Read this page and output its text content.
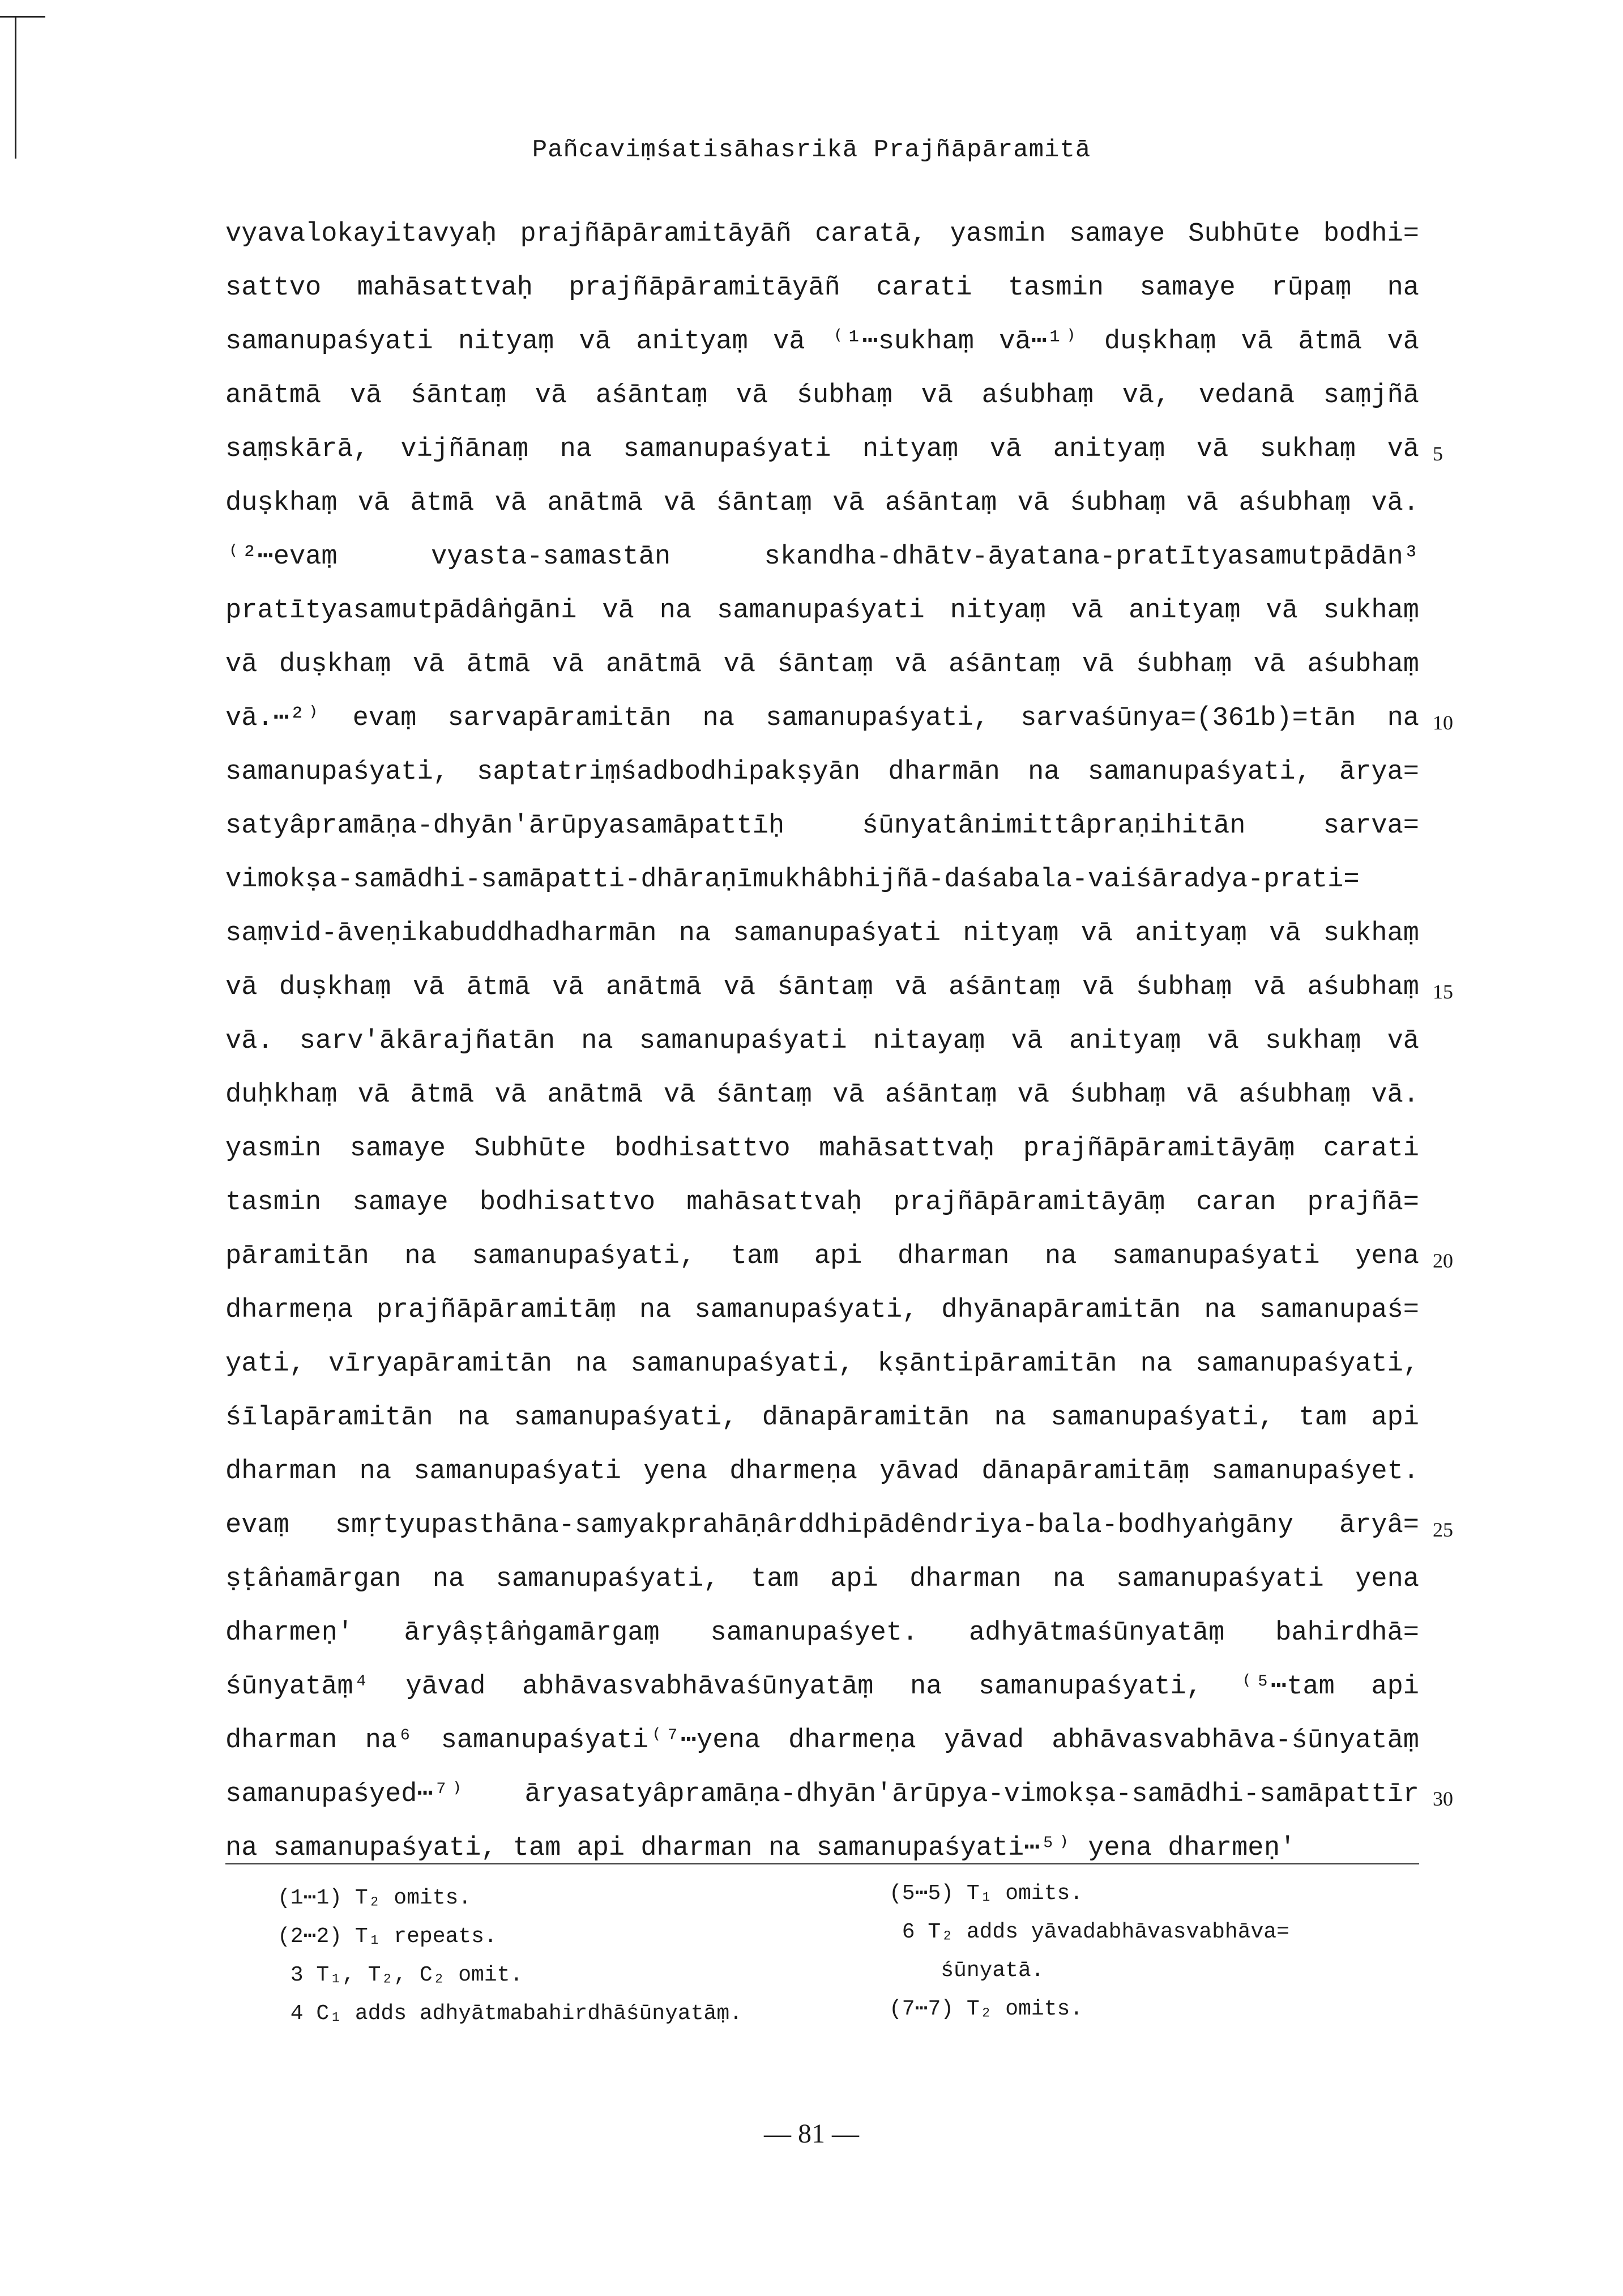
Pañcaviṃśatisāhasrikā Prajñāpāramitā
vyavalokayitavyaḥ prajñāpāramitāyāñ caratā, yasmin samaye Subhūte bodhi=
sattvo mahāsattvaḥ prajñāpāramitāyāñ carati tasmin samaye rūpaṃ na
samanupaśyati nityaṃ vā anityaṃ vā ⁽¹⋯sukhaṃ vā⋯¹⁾ duṣkhaṃ vā ātmā vā
anātmā vā śāntaṃ vā aśāntaṃ vā śubhaṃ vā aśubhaṃ vā, vedanā saṃjñā
saṃskārā, vijñānaṃ na samanupaśyati nityaṃ vā anityaṃ vā sukhaṃ vā 5
duṣkhaṃ vā ātmā vā anātmā vā śāntaṃ vā aśāntaṃ vā śubhaṃ vā aśubhaṃ vā.
⁽²⋯evaṃ vyasta-samastān skandha-dhātv-āyatana-pratītyasamutpādān³
pratītyasamutpādâṅgāni vā na samanupaśyati nityaṃ vā anityaṃ vā sukhaṃ
vā duṣkhaṃ vā ātmā vā anātmā vā śāntaṃ vā aśāntaṃ vā śubhaṃ vā aśubhaṃ
vā.⋯²⁾ evaṃ sarvapāramitān na samanupaśyati, sarvaśūnya=(361b)=tān na 10
samanupaśyati, saptatriṃśadbodhipakṣyān dharmān na samanupaśyati, ārya=
satyâpramāṇa-dhyān'ārūpyasamāpattīḥ śūnyatânimittâpraṇihitān sarva=
vimokṣa-samādhi-samāpatti-dhāraṇīmukhâbhijñā-daśabala-vaiśāradya-prati=
saṃvid-āveṇikabuddhadharmān na samanupaśyati nityaṃ vā anityaṃ vā sukhaṃ
vā duṣkhaṃ vā ātmā vā anātmā vā śāntaṃ vā aśāntaṃ vā śubhaṃ vā aśubhaṃ 15
vā. sarv'ākārajñatān na samanupaśyati nitayaṃ vā anityaṃ vā sukhaṃ vā
duḥkhaṃ vā ātmā vā anātmā vā śāntaṃ vā aśāntaṃ vā śubhaṃ vā aśubhaṃ vā.
yasmin samaye Subhūte bodhisattvo mahāsattvaḥ prajñāpāramitāyāṃ carati
tasmin samaye bodhisattvo mahāsattvaḥ prajñāpāramitāyāṃ caran prajñā=
pāramitān na samanupaśyati, tam api dharman na samanupaśyati yena 20
dharmeṇa prajñāpāramitāṃ na samanupaśyati, dhyānapāramitān na samanupaś=
yati, vīryapāramitān na samanupaśyati, kṣāntipāramitān na samanupaśyati,
śīlapāramitān na samanupaśyati, dānapāramitān na samanupaśyati, tam api
dharman na samanupaśyati yena dharmeṇa yāvad dānapāramitāṃ samanupaśyet.
evaṃ smṛtyupasthāna-samyakprahāṇârddhipādêndriya-bala-bodhyaṅgāny āryâ= 25
ṣṭâṅamārgan na samanupaśyati, tam api dharman na samanupaśyati yena
dharmeṇ' āryâṣṭâṅgamārgaṃ samanupaśyet. adhyātmaśūnyatāṃ bahirdhā=
śūnyatāṃ⁴ yāvad abhāvasvabhāvaśūnyatāṃ na samanupaśyati, ⁽⁵⋯tam api
dharman na⁶ samanupaśyati⁽⁷⋯yena dharmeṇa yāvad abhāvasvabhāva-śūnyatāṃ
samanupaśyed⋯⁷⁾ āryasatyâpramāṇa-dhyān'ārūpya-vimokṣa-samādhi-samāpattīr 30
na samanupaśyati, tam api dharman na samanupaśyati⋯⁵⁾ yena dharmeṇ'
(1⋯1) T₂ omits.
(2⋯2) T₁ repeats.
3 T₁, T₂, C₂ omit.
4 C₁ adds adhyātmabahirdhāśūnyatāṃ.
(5⋯5) T₁ omits.
6 T₂ adds yāvadabhāvasvabhāva=
śūnyatā.
(7⋯7) T₂ omits.
— 81 —
